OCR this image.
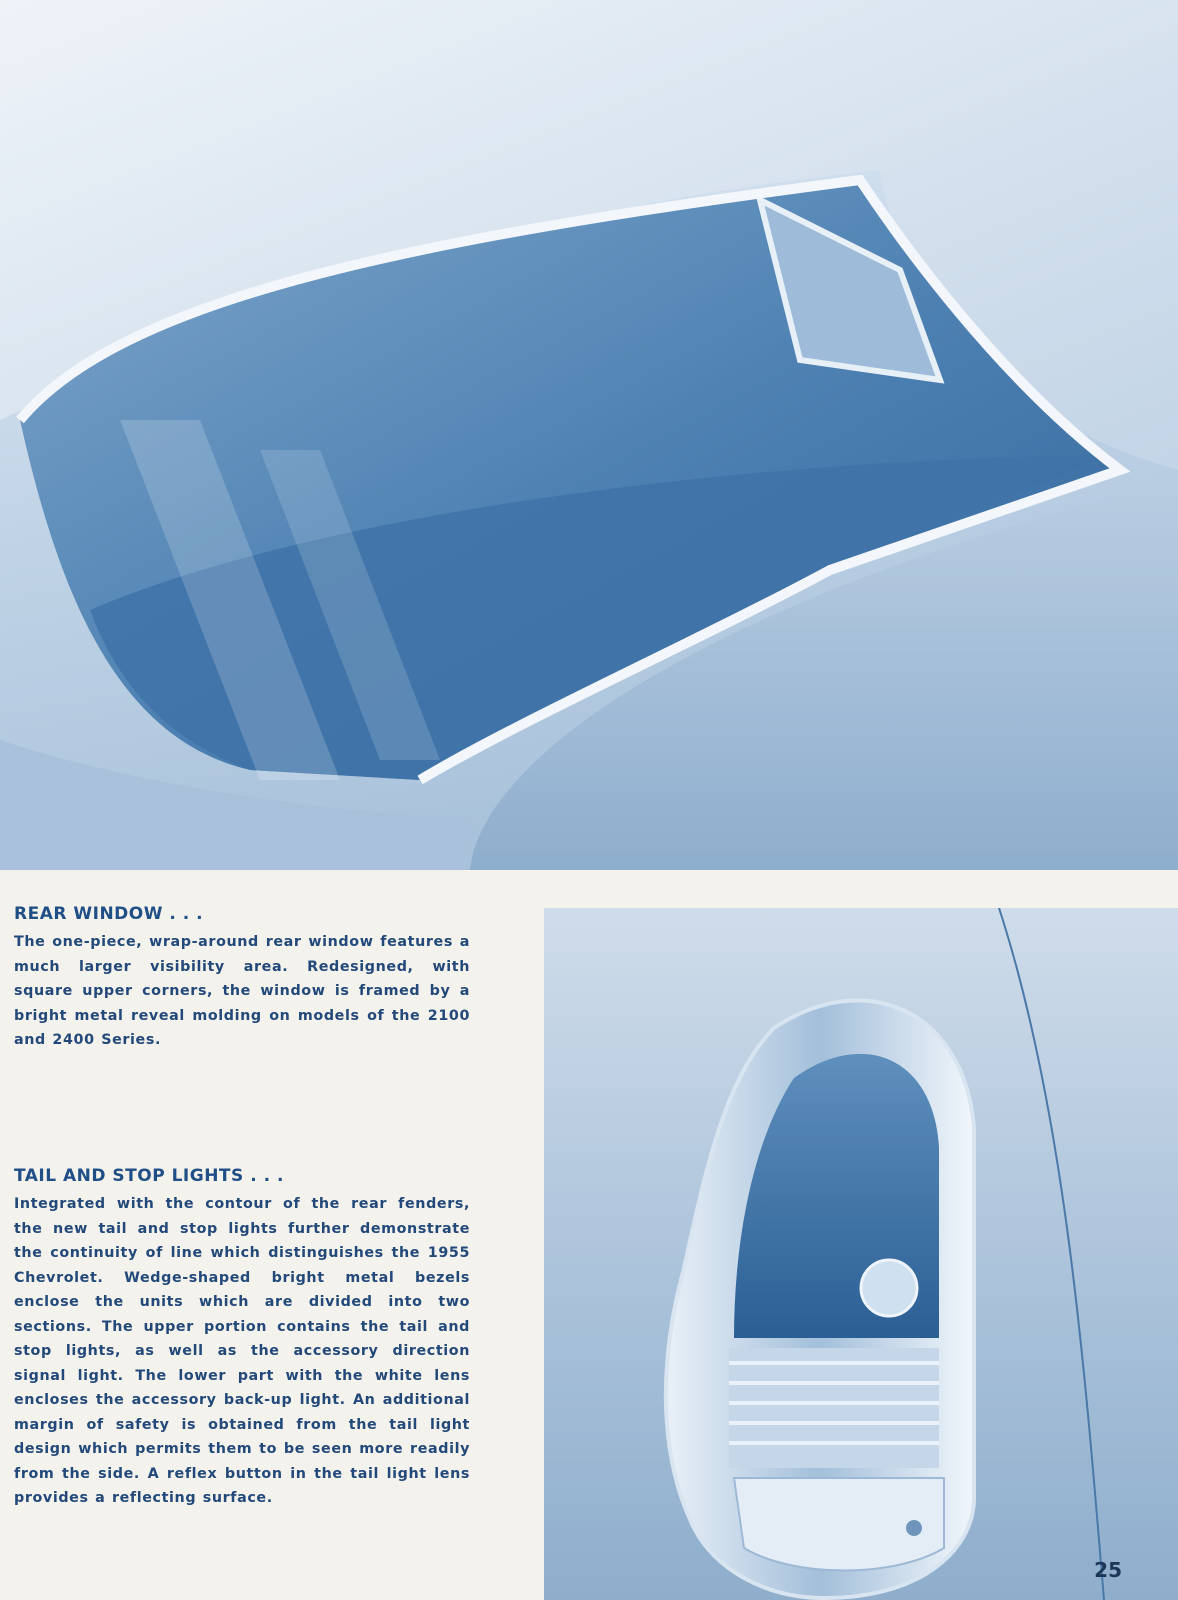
REAR WINDOW . . .

The one-piece, wrap-around rear window features a much larger visibility area. Redesigned, with square upper corners, the window is framed by a bright metal reveal molding on models of the 2100 and 2400 Series.

TAIL AND STOP LIGHTS . . .

Integrated with the contour of the rear fenders, the new tail and stop lights further demonstrate the continuity of line which distinguishes the 1955 Chevrolet. Wedge-shaped bright metal bezels enclose the units which are divided into two sections. The upper portion contains the tail and stop lights, as well as the accessory direction signal light. The lower part with the white lens encloses the accessory back-up light. An additional margin of safety is obtained from the tail light design which permits them to be seen more readily from the side. A reflex button in the tail light lens provides a reflecting surface.

25
